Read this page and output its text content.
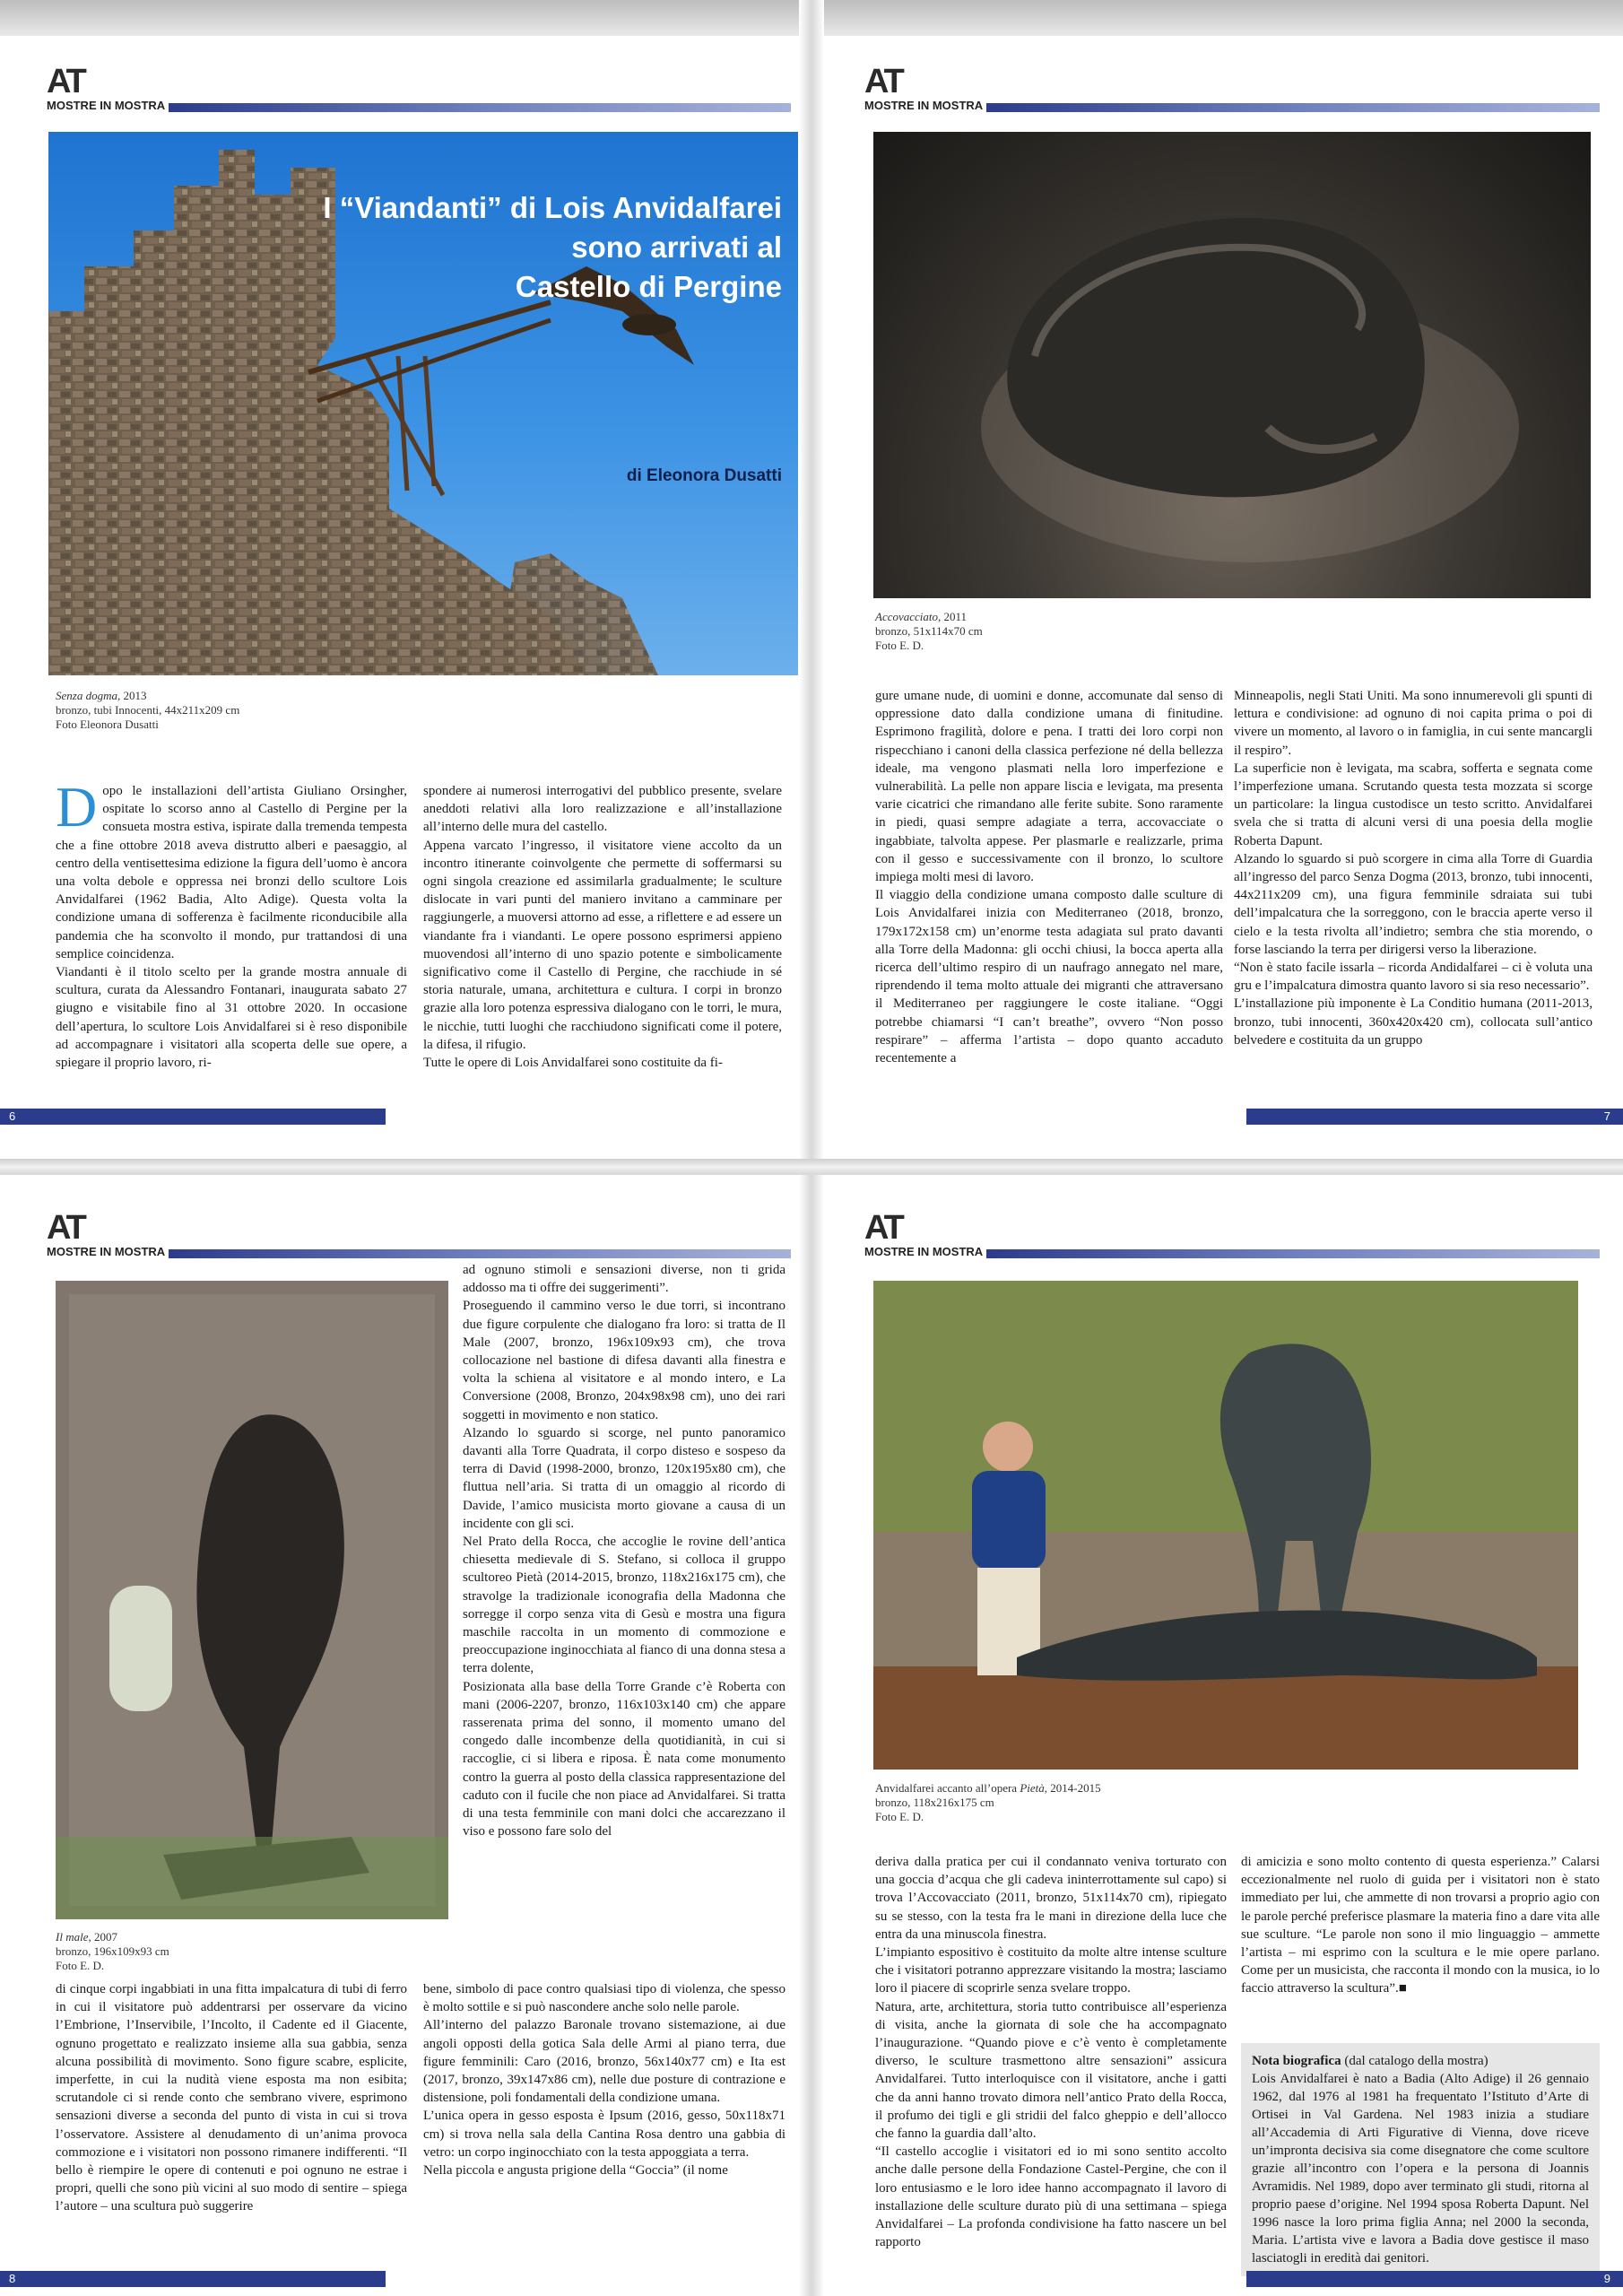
AT
MOSTRE IN MOSTRA
I “Viandanti” di Lois Anvidalfarei
sono arrivati al
Castello di Pergine
di Eleonora Dusatti
Senza dogma, 2013
bronzo, tubi Innocenti, 44x211x209 cm
Foto Eleonora Dusatti

Dopo le installazioni dell’artista Giuliano Orsingher, ospitate lo scorso anno al Castello di Pergine per la consueta mostra estiva, ispirate dalla tremenda tempesta che a fine ottobre 2018 aveva distrutto alberi e paesaggio, al centro della ventisettesima edizione la figura dell’uomo è ancora una volta debole e oppressa nei bronzi dello scultore Lois Anvidalfarei (1962 Badia, Alto Adige). Questa volta la condizione umana di sofferenza è facilmente riconducibile alla pandemia che ha sconvolto il mondo, pur trattandosi di una semplice coincidenza.

Viandanti è il titolo scelto per la grande mostra annuale di scultura, curata da Alessandro Fontanari, inaugurata sabato 27 giugno e visitabile fino al 31 ottobre 2020. In occasione dell’apertura, lo scultore Lois Anvidalfarei si è reso disponibile ad accompagnare i visitatori alla scoperta delle sue opere, a spiegare il proprio lavoro, ri-

spondere ai numerosi interrogativi del pubblico presente, svelare aneddoti relativi alla loro realizzazione e all’installazione all’interno delle mura del castello.

Appena varcato l’ingresso, il visitatore viene accolto da un incontro itinerante coinvolgente che permette di soffermarsi su ogni singola creazione ed assimilarla gradualmente; le sculture dislocate in vari punti del maniero invitano a camminare per raggiungerle, a muoversi attorno ad esse, a riflettere e ad essere un viandante fra i viandanti. Le opere possono esprimersi appieno muovendosi all’interno di uno spazio potente e simbolicamente significativo come il Castello di Pergine, che racchiude in sé storia naturale, umana, architettura e cultura. I corpi in bronzo grazie alla loro potenza espressiva dialogano con le torri, le mura, le nicchie, tutti luoghi che racchiudono significati come il potere, la difesa, il rifugio.

Tutte le opere di Lois Anvidalfarei sono costituite da fi-

6
AT
MOSTRE IN MOSTRA
Accovacciato, 2011
bronzo, 51x114x70 cm
Foto E. D.

gure umane nude, di uomini e donne, accomunate dal senso di oppressione dato dalla condizione umana di finitudine. Esprimono fragilità, dolore e pena. I tratti dei loro corpi non rispecchiano i canoni della classica perfezione né della bellezza ideale, ma vengono plasmati nella loro imperfezione e vulnerabilità. La pelle non appare liscia e levigata, ma presenta varie cicatrici che rimandano alle ferite subite. Sono raramente in piedi, quasi sempre adagiate a terra, accovacciate o ingabbiate, talvolta appese. Per plasmarle e realizzarle, prima con il gesso e successivamente con il bronzo, lo scultore impiega molti mesi di lavoro.

Il viaggio della condizione umana composto dalle sculture di Lois Anvidalfarei inizia con Mediterraneo (2018, bronzo, 179x172x158 cm) un’enorme testa adagiata sul prato davanti alla Torre della Madonna: gli occhi chiusi, la bocca aperta alla ricerca dell’ultimo respiro di un naufrago annegato nel mare, riprendendo il tema molto attuale dei migranti che attraversano il Mediterraneo per raggiungere le coste italiane. “Oggi potrebbe chiamarsi “I can’t breathe”, ovvero “Non posso respirare” – afferma l’artista – dopo quanto accaduto recentemente a

Minneapolis, negli Stati Uniti. Ma sono innumerevoli gli spunti di lettura e condivisione: ad ognuno di noi capita prima o poi di vivere un momento, al lavoro o in famiglia, in cui sente mancargli il respiro”.

La superficie non è levigata, ma scabra, sofferta e segnata come l’imperfezione umana. Scrutando questa testa mozzata si scorge un particolare: la lingua custodisce un testo scritto. Anvidalfarei svela che si tratta di alcuni versi di una poesia della moglie Roberta Dapunt.

Alzando lo sguardo si può scorgere in cima alla Torre di Guardia all’ingresso del parco Senza Dogma (2013, bronzo, tubi innocenti, 44x211x209 cm), una figura femminile sdraiata sui tubi dell’impalcatura che la sorreggono, con le braccia aperte verso il cielo e la testa rivolta all’indietro; sembra che stia morendo, o forse lasciando la terra per dirigersi verso la liberazione.

“Non è stato facile issarla – ricorda Andidalfarei – ci è voluta una gru e l’impalcatura dimostra quanto lavoro si sia reso necessario”.

L’installazione più imponente è La Conditio humana (2011-2013, bronzo, tubi innocenti, 360x420x420 cm), collocata sull’antico belvedere e costituita da un gruppo

7
AT
MOSTRE IN MOSTRA
Il male, 2007
bronzo, 196x109x93 cm
Foto E. D.

ad ognuno stimoli e sensazioni diverse, non ti grida addosso ma ti offre dei suggerimenti”.

Proseguendo il cammino verso le due torri, si incontrano due figure corpulente che dialogano fra loro: si tratta de Il Male (2007, bronzo, 196x109x93 cm), che trova collocazione nel bastione di difesa davanti alla finestra e volta la schiena al visitatore e al mondo intero, e La Conversione (2008, Bronzo, 204x98x98 cm), uno dei rari soggetti in movimento e non statico.

Alzando lo sguardo si scorge, nel punto panoramico davanti alla Torre Quadrata, il corpo disteso e sospeso da terra di David (1998-2000, bronzo, 120x195x80 cm), che fluttua nell’aria. Si tratta di un omaggio al ricordo di Davide, l’amico musicista morto giovane a causa di un incidente con gli sci.

Nel Prato della Rocca, che accoglie le rovine dell’antica chiesetta medievale di S. Stefano, si colloca il gruppo scultoreo Pietà (2014-2015, bronzo, 118x216x175 cm), che stravolge la tradizionale iconografia della Madonna che sorregge il corpo senza vita di Gesù e mostra una figura maschile raccolta in un momento di commozione e preoccupazione inginocchiata al fianco di una donna stesa a terra dolente,

Posizionata alla base della Torre Grande c’è Roberta con mani (2006-2207, bronzo, 116x103x140 cm) che appare rasserenata prima del sonno, il momento umano del congedo dalle incombenze della quotidianità, in cui si raccoglie, ci si libera e riposa. È nata come monumento contro la guerra al posto della classica rappresentazione del caduto con il fucile che non piace ad Anvidalfarei. Si tratta di una testa femminile con mani dolci che accarezzano il viso e possono fare solo del

di cinque corpi ingabbiati in una fitta impalcatura di tubi di ferro in cui il visitatore può addentrarsi per osservare da vicino l’Embrione, l’Inservibile, l’Incolto, il Cadente ed il Giacente, ognuno progettato e realizzato insieme alla sua gabbia, senza alcuna possibilità di movimento. Sono figure scabre, esplicite, imperfette, in cui la nudità viene esposta ma non esibita; scrutandole ci si rende conto che sembrano vivere, esprimono sensazioni diverse a seconda del punto di vista in cui si trova l’osservatore. Assistere al denudamento di un’anima provoca commozione e i visitatori non possono rimanere indifferenti. “Il bello è riempire le opere di contenuti e poi ognuno ne estrae i propri, quelli che sono più vicini al suo modo di sentire – spiega l’autore – una scultura può suggerire

bene, simbolo di pace contro qualsiasi tipo di violenza, che spesso è molto sottile e si può nascondere anche solo nelle parole.

All’interno del palazzo Baronale trovano sistemazione, ai due angoli opposti della gotica Sala delle Armi al piano terra, due figure femminili: Caro (2016, bronzo, 56x140x77 cm) e Ita est (2017, bronzo, 39x147x86 cm), nelle due posture di contrazione e distensione, poli fondamentali della condizione umana.

L’unica opera in gesso esposta è Ipsum (2016, gesso, 50x118x71 cm) si trova nella sala della Cantina Rosa dentro una gabbia di vetro: un corpo inginocchiato con la testa appoggiata a terra.

Nella piccola e angusta prigione della “Goccia” (il nome

8
AT
MOSTRE IN MOSTRA
Anvidalfarei accanto all’opera Pietà, 2014-2015
bronzo, 118x216x175 cm
Foto E. D.

deriva dalla pratica per cui il condannato veniva torturato con una goccia d’acqua che gli cadeva ininterrottamente sul capo) si trova l’Accovacciato (2011, bronzo, 51x114x70 cm), ripiegato su se stesso, con la testa fra le mani in direzione della luce che entra da una minuscola finestra.

L’impianto espositivo è costituito da molte altre intense sculture che i visitatori potranno apprezzare visitando la mostra; lasciamo loro il piacere di scoprirle senza svelare troppo.

Natura, arte, architettura, storia tutto contribuisce all’esperienza di visita, anche la giornata di sole che ha accompagnato l’inaugurazione. “Quando piove e c’è vento è completamente diverso, le sculture trasmettono altre sensazioni” assicura Anvidalfarei. Tutto interloquisce con il visitatore, anche i gatti che da anni hanno trovato dimora nell’antico Prato della Rocca, il profumo dei tigli e gli stridii del falco gheppio e dell’allocco che fanno la guardia dall’alto.

“Il castello accoglie i visitatori ed io mi sono sentito accolto anche dalle persone della Fondazione Castel-Pergine, che con il loro entusiasmo e le loro idee hanno accompagnato il lavoro di installazione delle sculture durato più di una settimana – spiega Anvidalfarei – La profonda condivisione ha fatto nascere un bel rapporto

di amicizia e sono molto contento di questa esperienza.” Calarsi eccezionalmente nel ruolo di guida per i visitatori non è stato immediato per lui, che ammette di non trovarsi a proprio agio con le parole perché preferisce plasmare la materia fino a dare vita alle sue sculture. “Le parole non sono il mio linguaggio – ammette l’artista – mi esprimo con la scultura e le mie opere parlano. Come per un musicista, che racconta il mondo con la musica, io lo faccio attraverso la scultura”.■

Nota biografica (dal catalogo della mostra)
Lois Anvidalfarei è nato a Badia (Alto Adige) il 26 gennaio 1962, dal 1976 al 1981 ha frequentato l’Istituto d’Arte di Ortisei in Val Gardena. Nel 1983 inizia a studiare all’Accademia di Arti Figurative di Vienna, dove riceve un’impronta decisiva sia come disegnatore che come scultore grazie all’incontro con l’opera e la persona di Joannis Avramidis. Nel 1989, dopo aver terminato gli studi, ritorna al proprio paese d’origine. Nel 1994 sposa Roberta Dapunt. Nel 1996 nasce la loro prima figlia Anna; nel 2000 la seconda, Maria. L’artista vive e lavora a Badia dove gestisce il maso lasciatogli in eredità dai genitori.
9
